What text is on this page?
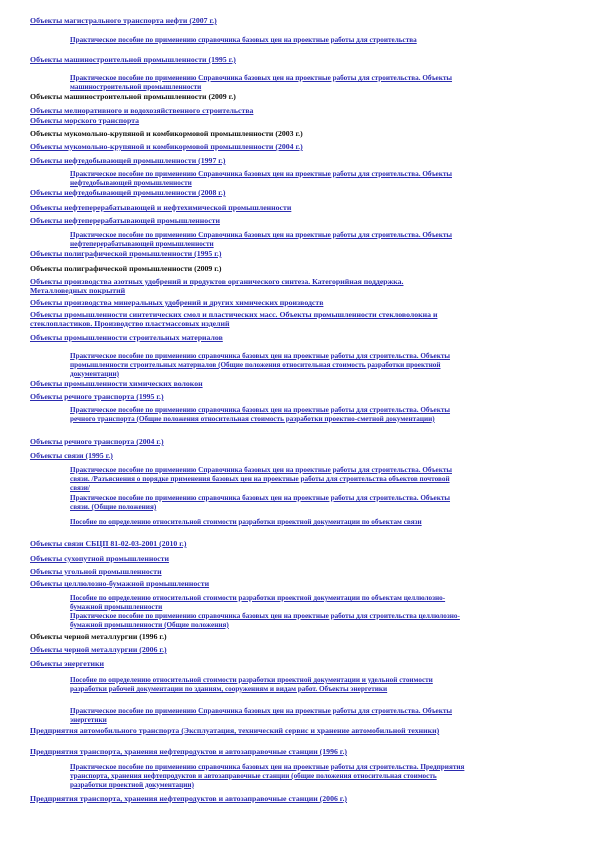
Объекты магистрального транспорта нефти (2007 г.)
Практическое пособие по применению справочника базовых цен на проектные работы для строительства
Объекты машиностроительной промышленности (1995 г.)
Практическое пособие по применению Справочника базовых цен на проектные работы для строительства. Объекты машиностроительной промышленности
Объекты машиностроительной промышленности (2009 г.)
Объекты мелиоративного и водохозяйственного строительства
Объекты морского транспорта
Объекты мукомольно-крупяной и комбикормовой промышленности (2003 г.)
Объекты мукомольно-крупяной и комбикормовой промышленности (2004 г.)
Объекты нефтедобывающей промышленности (1997 г.)
Практическое пособие по применению Справочника базовых цен на проектные работы для строительства. Объекты нефтедобывающей промышленности
Объекты нефтедобывающей промышленности (2008 г.)
Объекты нефтеперерабатывающей и нефтехимической промышленности
Объекты нефтеперерабатывающей промышленности
Практическое пособие по применению Справочника базовых цен на проектные работы для строительства. Объекты нефтеперерабатывающей промышленности
Объекты полиграфической промышленности (1995 г.)
Объекты полиграфической промышленности (2009 г.)
Объекты производства азотных удобрений и продуктов органического синтеза. Категорийная поддержка. Металловедных покрытий
Объекты производства минеральных удобрений и других химических производств
Объекты промышленности синтетических смол и пластических масс. Объекты промышленности стекловолокна и стеклопластиков. Производство пластмассовых изделий
Объекты промышленности строительных материалов
Практическое пособие по применению справочника базовых цен на проектные работы для строительства. Объекты промышленности строительных материалов (Общие положения относительная стоимость разработки проектной документации)
Объекты промышленности химических волокон
Объекты речного транспорта (1995 г.)
Практическое пособие по применению справочника базовых цен на проектные работы для строительства. Объекты речного транспорта (Общие положения относительная стоимость разработки проектно-сметной документации)
Объекты речного транспорта (2004 г.)
Объекты связи (1995 г.)
Практическое пособие по применению Справочника базовых цен на проектные работы для строительства. Объекты связи. /Разъяснения о порядке применения базовых цен на проектные работы для строительства объектов почтовой связи/
Практическое пособие по применению справочника базовых цен на проектные работы для строительства. Объекты связи. (Общие положения)
Пособие по определению относительной стоимости разработки проектной документации по объектам связи
Объекты связи СБЦП 81-02-03-2001 (2010 г.)
Объекты сухопутной промышленности
Объекты угольной промышленности
Объекты целлюлозно-бумажной промышленности
Пособие по определению относительной стоимости разработки проектной документации по объектам целлюлозно-бумажной промышленности
Практическое пособие по применению справочника базовых цен на проектные работы для строительства целлюлозно-бумажной промышленности (Общие положения)
Объекты черной металлургии (1996 г.)
Объекты черной металлургии (2006 г.)
Объекты энергетики
Пособие по определению относительной стоимости разработки проектной документации и удельной стоимости разработки рабочей документации по зданиям, сооружениям и видам работ. Объекты энергетики
Практическое пособие по применению Справочника базовых цен на проектные работы для строительства. Объекты энергетики
Предприятия автомобильного транспорта (Эксплуатация, технический сервис и хранение автомобильной техники)
Предприятия транспорта, хранения нефтепродуктов и автозаправочные станции (1996 г.)
Практическое пособие по применению справочника базовых цен на проектные работы для строительства. Предприятия транспорта, хранения нефтепродуктов и автозаправочные станции (общие положения относительная стоимость разработки проектной документации)
Предприятия транспорта, хранения нефтепродуктов и автозаправочные станции (2006 г.)
